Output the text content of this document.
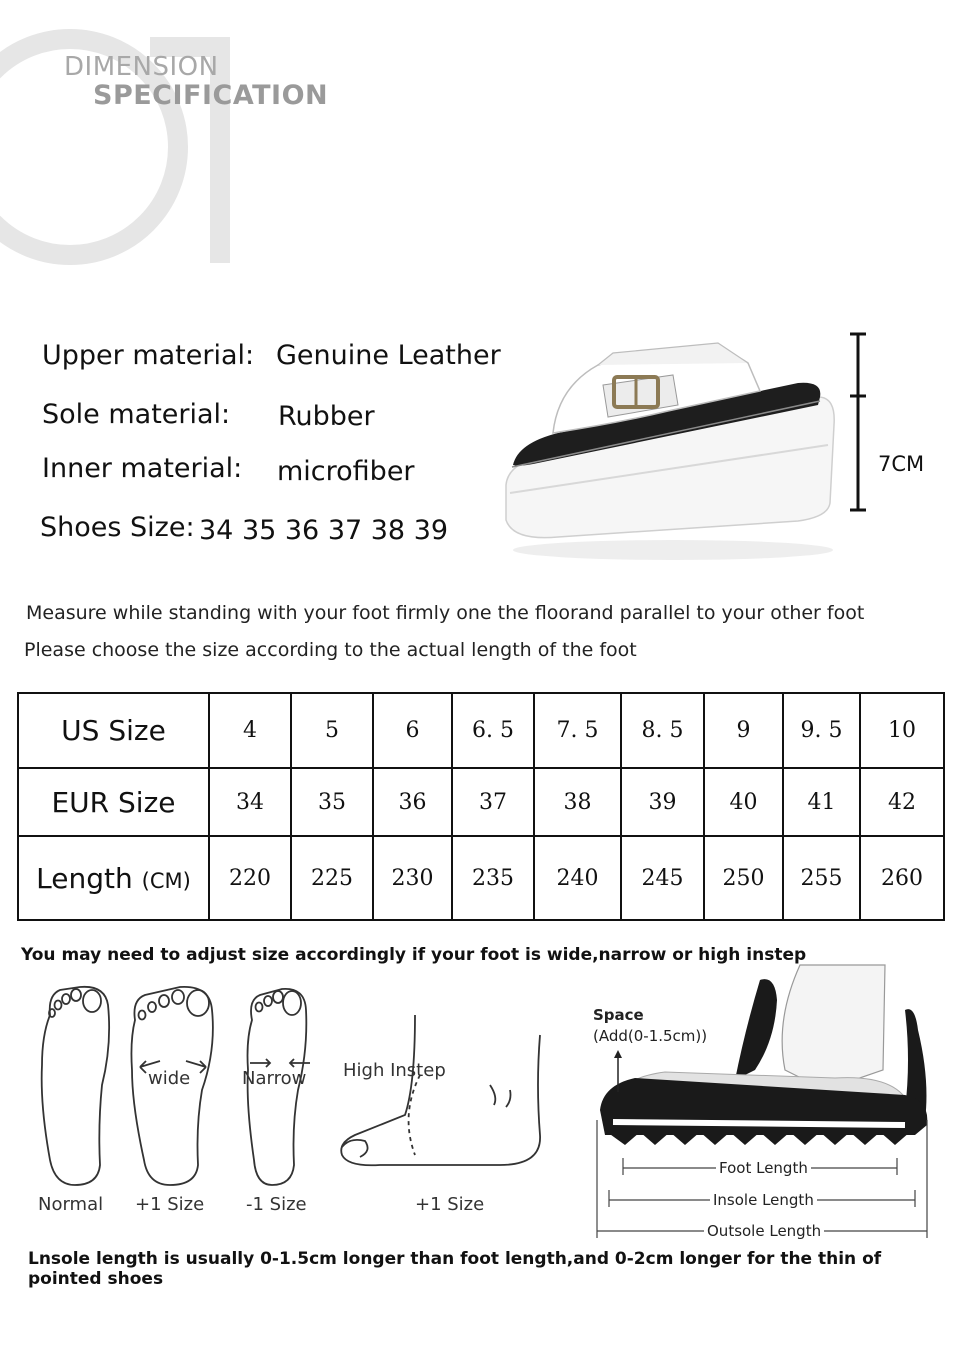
DIMENSION
SPECIFICATION
Upper material: Genuine Leather
Sole material: Rubber
Inner material: microfiber
Shoes Size: 34 35 36 37 38 39
7CM
Measure while standing with your foot firmly one the floorand parallel to your other foot
Please choose the size according to the actual length of the foot
US Size	4	5	6	6. 5	7. 5	8. 5	9	9. 5	10
EUR Size	34	35	36	37	38	39	40	41	42
Length (CM)	220	225	230	235	240	245	250	255	260
You may need to adjust size accordingly if your foot is wide,narrow or high instep
wide	Narrow High Instep
Normal +1 Size -1 Size	+1 Size
Space
(Add(0-1.5cm))
Foot Length
Insole Length
Outsole Length
Lnsole length is usually 0-1.5cm longer than foot length,and 0-2cm longer for the thin of pointed shoes
